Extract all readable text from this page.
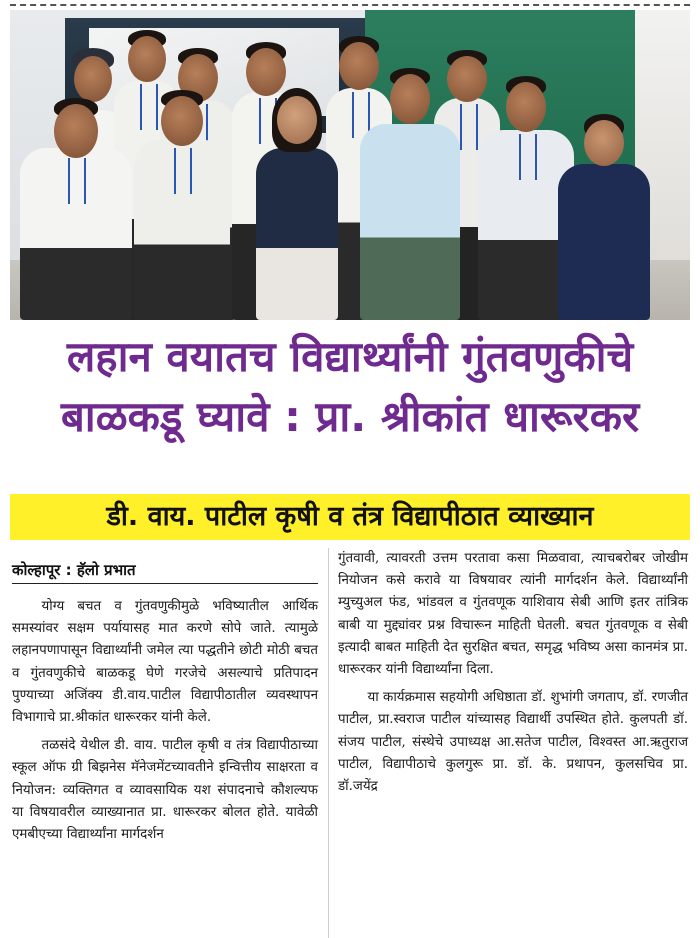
लहान वयातच विद्यार्थ्यांनी गुंतवणुकीचे
बाळकडू घ्यावे : प्रा. श्रीकांत धारूरकर
डी. वाय. पाटील कृषी व तंत्र विद्यापीठात व्याख्यान
कोल्हापूर : हॅलो प्रभात

योग्य बचत व गुंतवणुकीमुळे भविष्यातील आर्थिक समस्यांवर सक्षम पर्यायासह मात करणे सोपे जाते. त्यामुळे लहानपणापासून विद्यार्थ्यांनी जमेल त्या पद्धतीने छोटी मोठी बचत व गुंतवणुकीचे बाळकडू घेणे गरजेचे असल्याचे प्रतिपादन पुण्याच्या अजिंक्य डी.वाय.पाटील विद्यापीठातील व्यवस्थापन विभागाचे प्रा.श्रीकांत धारूरकर यांनी केले.

तळसंदे येथील डी. वाय. पाटील कृषी व तंत्र विद्यापीठाच्या स्कूल ऑफ ग्री बिझनेस मॅनेजमेंटच्यावतीने इन्वित्तीय साक्षरता व नियोजन: व्यक्तिगत व व्यावसायिक यश संपादनाचे कौशल्यफ या विषयावरील व्याख्यानात प्रा. धारूरकर बोलत होते. यावेळी एमबीएच्या विद्यार्थ्यांना मार्गदर्शन

गुंतवावी, त्यावरती उत्तम परतावा कसा मिळवावा, त्याचबरोबर जोखीम नियोजन कसे करावे या विषयावर त्यांनी मार्गदर्शन केले. विद्यार्थ्यांनी म्युच्युअल फंड, भांडवल व गुंतवणूक याशिवाय सेबी आणि इतर तांत्रिक बाबी या मुद्द्यांवर प्रश्न विचारून माहिती घेतली. बचत गुंतवणूक व सेबी इत्यादी बाबत माहिती देत सुरक्षित बचत, समृद्ध भविष्य असा कानमंत्र प्रा. धारूरकर यांनी विद्यार्थ्यांना दिला.

या कार्यक्रमास सहयोगी अधिष्ठाता डॉ. शुभांगी जगताप, डॉ. रणजीत पाटील, प्रा.स्वराज पाटील यांच्यासह विद्यार्थी उपस्थित होते. कुलपती डॉ. संजय पाटील, संस्थेचे उपाध्यक्ष आ.सतेज पाटील, विश्वस्त आ.ऋतुराज पाटील, विद्यापीठाचे कुलगुरू प्रा. डॉ. के. प्रथापन, कुलसचिव प्रा. डॉ.जयेंद्र
